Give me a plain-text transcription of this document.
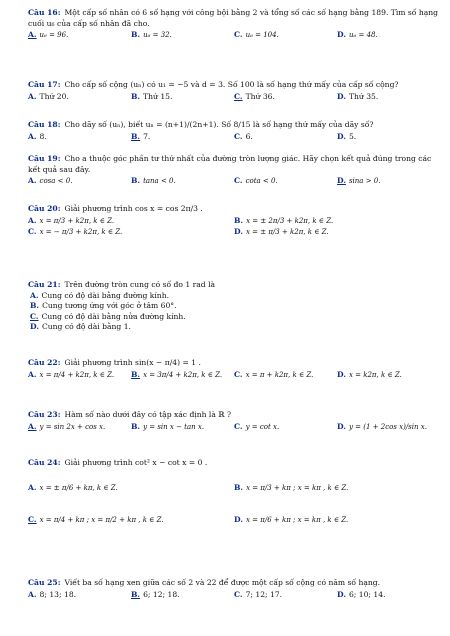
Câu 16: Một cấp số nhân có 6 số hạng với công bội bằng 2 và tổng số các số hạng bằng 189. Tìm số hạng cuối u₆ của cấp số nhân đã cho.
A. u₆ = 96.	B. u₆ = 32.	C. u₆ = 104.	D. u₆ = 48.
Câu 17: Cho cấp số cộng (uₙ) có u₁ = −5 và d = 3. Số 100 là số hạng thứ mấy của cấp số cộng?
A. Thứ 20.	B. Thứ 15.	C. Thứ 36.	D. Thứ 35.
Câu 18: Cho dãy số (uₙ), biết uₙ = (n+1)/(2n+1). Số 8/15 là số hạng thứ mấy của dãy số?
A. 8.	B. 7.	C. 6.	D. 5.
Câu 19: Cho a thuộc góc phần tư thứ nhất của đường tròn lượng giác. Hãy chọn kết quả đúng trong các kết quả sau đây.
A. cosa < 0.	B. tana < 0.	C. cota < 0.	D. sina > 0.
Câu 20: Giải phương trình cos x = cos 2π/3 .
A. x = π/3 + k2π, k ∈ Z.	B. x = ± 2π/3 + k2π, k ∈ Z.
C. x = − π/3 + k2π, k ∈ Z.	D. x = ± π/3 + k2π, k ∈ Z.
Câu 21: Trên đường tròn cung có số đo 1 rad là
A. Cung có độ dài bằng đường kính.
B. Cung tương ứng với góc ở tâm 60°.
C. Cung có độ dài bằng nửa đường kính.
D. Cung có độ dài bằng 1.
Câu 22: Giải phương trình sin(x − π/4) = 1 .
A. x = π/4 + k2π, k ∈ Z.	B. x = 3π/4 + k2π, k ∈ Z.	C. x = π + k2π, k ∈ Z.	D. x = k2π, k ∈ Z.
Câu 23: Hàm số nào dưới đây có tập xác định là ℝ ?
A. y = sin 2x + cos x.	B. y = sin x − tan x.	C. y = cot x.	D. y = (1 + 2cos x)/sin x.
Câu 24: Giải phương trình cot² x − cot x = 0 .
A. x = ± π/6 + kπ, k ∈ Z.	B. x = π/3 + kπ ; x = kπ , k ∈ Z.
C. x = π/4 + kπ ; x = π/2 + kπ , k ∈ Z.	D. x = π/6 + kπ ; x = kπ , k ∈ Z.
Câu 25: Viết ba số hạng xen giữa các số 2 và 22 để được một cấp số cộng có năm số hạng.
A. 8; 13; 18.	B. 6; 12; 18.	C. 7; 12; 17.	D. 6; 10; 14.
